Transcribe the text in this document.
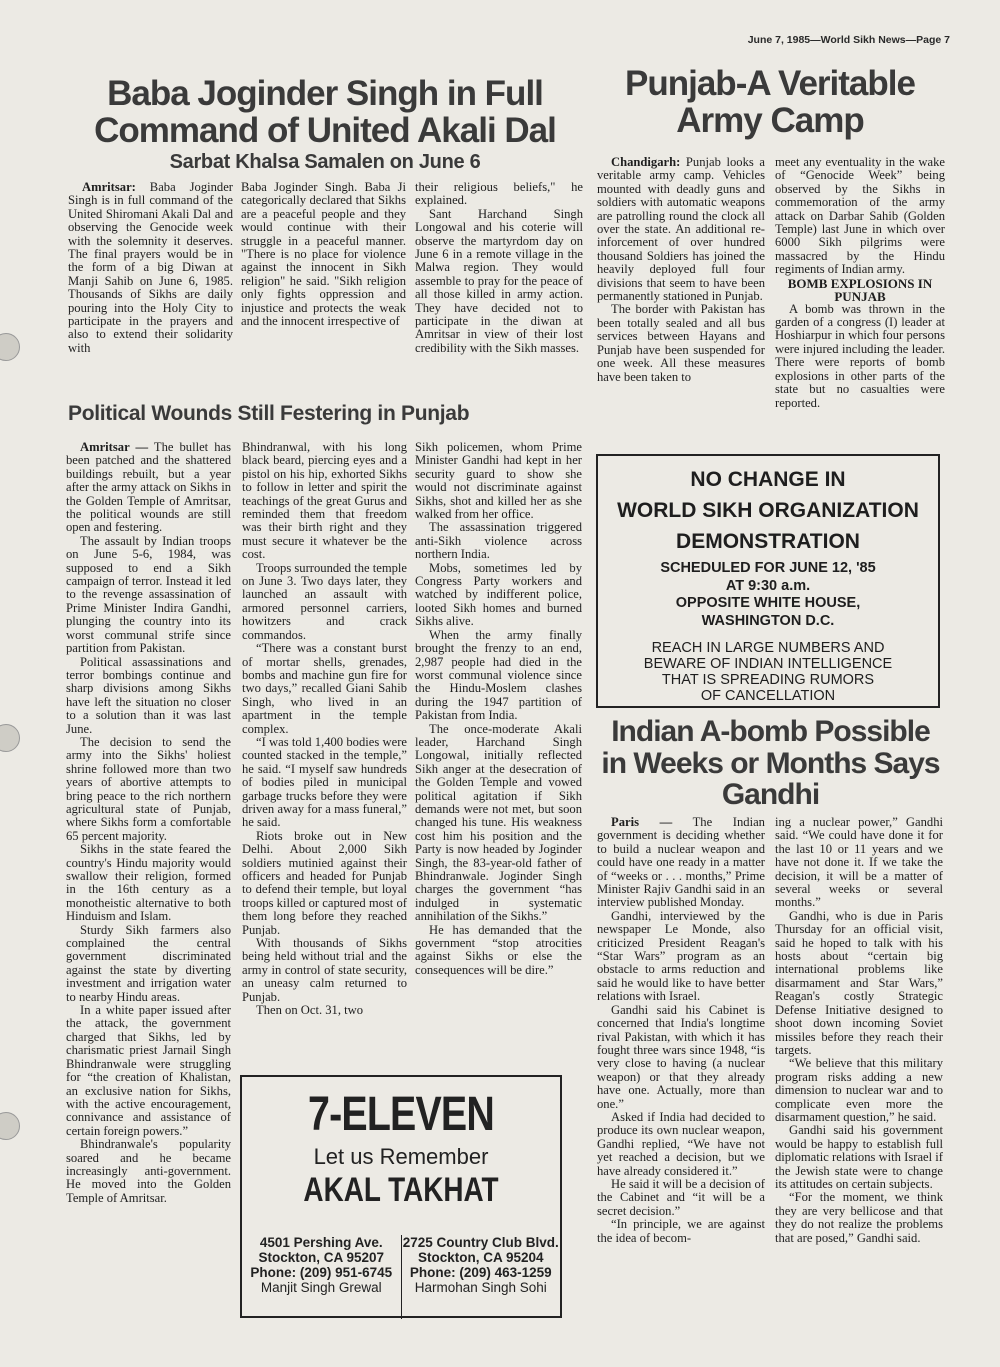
June 7, 1985—World Sikh News—Page 7
Baba Joginder Singh in Full Command of United Akali Dal
Sarbat Khalsa Samalen on June 6

Amritsar: Baba Joginder Singh is in full command of the United Shiromani Akali Dal and observing the Genocide week with the solemnity it deserves. The final prayers would be in the form of a big Diwan at Manji Sahib on June 6, 1985. Thousands of Sikhs are daily pouring into the Holy City to participate in the prayers and also to extend their solidarity with

Baba Joginder Singh. Baba Ji categorically declared that Sikhs are a peaceful people and they would continue with their struggle in a peaceful manner. "There is no place for violence against the innocent in Sikh religion" he said. "Sikh religion only fights oppression and injustice and protects the weak and the innocent irrespective of

their religious beliefs," he explained.

Sant Harchand Singh Longowal and his coterie will observe the martyrdom day on June 6 in a remote village in the Malwa region. They would assemble to pray for the peace of all those killed in army action. They have decided not to participate in the diwan at Amritsar in view of their lost credibility with the Sikh masses.

Punjab-A Veritable Army Camp

Chandigarh: Punjab looks a veritable army camp. Vehicles mounted with deadly guns and soldiers with automatic weapons are patrolling round the clock all over the state. An additional re-inforcement of over hundred thousand Soldiers has joined the heavily deployed full four divisions that seem to have been permanently stationed in Punjab.

The border with Pakistan has been totally sealed and all bus services between Hayans and Punjab have been suspended for one week. All these measures have been taken to

meet any eventuality in the wake of “Genocide Week” being observed by the Sikhs in commemoration of the army attack on Darbar Sahib (Golden Temple) last June in which over 6000 Sikh pilgrims were massacred by the Hindu regiments of Indian army.

BOMB EXPLOSIONS IN PUNJAB

A bomb was thrown in the garden of a congress (I) leader at Hoshiarpur in which four persons were injured including the leader. There were reports of bomb explosions in other parts of the state but no casualties were reported.

Political Wounds Still Festering in Punjab

Amritsar — The bullet has been patched and the shattered buildings rebuilt, but a year after the army attack on Sikhs in the Golden Temple of Amritsar, the political wounds are still open and festering.

The assault by Indian troops on June 5-6, 1984, was supposed to end a Sikh campaign of terror. Instead it led to the revenge assassination of Prime Minister Indira Gandhi, plunging the country into its worst communal strife since partition from Pakistan.

Political assassinations and terror bombings continue and sharp divisions among Sikhs have left the situation no closer to a solution than it was last June.

The decision to send the army into the Sikhs' holiest shrine followed more than two years of abortive attempts to bring peace to the rich northern agricultural state of Punjab, where Sikhs form a comfortable 65 percent majority.

Sikhs in the state feared the country's Hindu majority would swallow their religion, formed in the 16th century as a monotheistic alternative to both Hinduism and Islam.

Sturdy Sikh farmers also complained the central government discriminated against the state by diverting investment and irrigation water to nearby Hindu areas.

In a white paper issued after the attack, the government charged that Sikhs, led by charismatic priest Jarnail Singh Bhindranwale were struggling for “the creation of Khalistan, an exclusive nation for Sikhs, with the active encouragement, connivance and assistance of certain foreign powers.”

Bhindranwale's popularity soared and he became increasingly anti-government. He moved into the Golden Temple of Amritsar.

Bhindranwal, with his long black beard, piercing eyes and a pistol on his hip, exhorted Sikhs to follow in letter and spirit the teachings of the great Gurus and reminded them that freedom was their birth right and they must secure it whatever be the cost.

Troops surrounded the temple on June 3. Two days later, they launched an assault with armored personnel carriers, howitzers and crack commandos.

“There was a constant burst of mortar shells, grenades, bombs and machine gun fire for two days,” recalled Giani Sahib Singh, who lived in an apartment in the temple complex.

“I was told 1,400 bodies were counted stacked in the temple,” he said. “I myself saw hundreds of bodies piled in municipal garbage trucks before they were driven away for a mass funeral,” he said.

Riots broke out in New Delhi. About 2,000 Sikh soldiers mutinied against their officers and headed for Punjab to defend their temple, but loyal troops killed or captured most of them long before they reached Punjab.

With thousands of Sikhs being held without trial and the army in control of state security, an uneasy calm returned to Punjab.

Then on Oct. 31, two

Sikh policemen, whom Prime Minister Gandhi had kept in her security guard to show she would not discriminate against Sikhs, shot and killed her as she walked from her office.

The assassination triggered anti-Sikh violence across northern India.

Mobs, sometimes led by Congress Party workers and watched by indifferent police, looted Sikh homes and burned Sikhs alive.

When the army finally brought the frenzy to an end, 2,987 people had died in the worst communal violence since the Hindu-Moslem clashes during the 1947 partition of Pakistan from India.

The once-moderate Akali leader, Harchand Singh Longowal, initially reflected Sikh anger at the desecration of the Golden Temple and vowed political agitation if Sikh demands were not met, but soon changed his tune. His weakness cost him his position and the Party is now headed by Joginder Singh, the 83-year-old father of Bhindranwale. Joginder Singh charges the government “has indulged in systematic annihilation of the Sikhs.”

He has demanded that the government “stop atrocities against Sikhs or else the consequences will be dire.”

7-ELEVEN
Let us Remember
AKAL TAKHAT
4501 Pershing Ave.
Stockton, CA 95207
Phone: (209) 951-6745
Manjit Singh Grewal
2725 Country Club Blvd.
Stockton, CA 95204
Phone: (209) 463-1259
Harmohan Singh Sohi
NO CHANGE IN
WORLD SIKH ORGANIZATION
DEMONSTRATION
SCHEDULED FOR JUNE 12, '85
AT 9:30 a.m.
OPPOSITE WHITE HOUSE,
WASHINGTON D.C.
REACH IN LARGE NUMBERS AND
BEWARE OF INDIAN INTELLIGENCE
THAT IS SPREADING RUMORS
OF CANCELLATION
Indian A-bomb Possible in Weeks or Months Says Gandhi

Paris — The Indian government is deciding whether to build a nuclear weapon and could have one ready in a matter of “weeks or . . . months,” Prime Minister Rajiv Gandhi said in an interview published Monday.

Gandhi, interviewed by the newspaper Le Monde, also criticized President Reagan's “Star Wars” program as an obstacle to arms reduction and said he would like to have better relations with Israel.

Gandhi said his Cabinet is concerned that India's longtime rival Pakistan, with which it has fought three wars since 1948, “is very close to having (a nuclear weapon) or that they already have one. Actually, more than one.”

Asked if India had decided to produce its own nuclear weapon, Gandhi replied, “We have not yet reached a decision, but we have already considered it.”

He said it will be a decision of the Cabinet and “it will be a secret decision.”

“In principle, we are against the idea of becom-

ing a nuclear power,” Gandhi said. “We could have done it for the last 10 or 11 years and we have not done it. If we take the decision, it will be a matter of several weeks or several months.”

Gandhi, who is due in Paris Thursday for an official visit, said he hoped to talk with his hosts about “certain big international problems like disarmament and Star Wars,” Reagan's costly Strategic Defense Initiative designed to shoot down incoming Soviet missiles before they reach their targets.

“We believe that this military program risks adding a new dimension to nuclear war and to complicate even more the disarmament question,” he said.

Gandhi said his government would be happy to establish full diplomatic relations with Israel if the Jewish state were to change its attitudes on certain subjects.

“For the moment, we think they are very bellicose and that they do not realize the problems that are posed,” Gandhi said.
